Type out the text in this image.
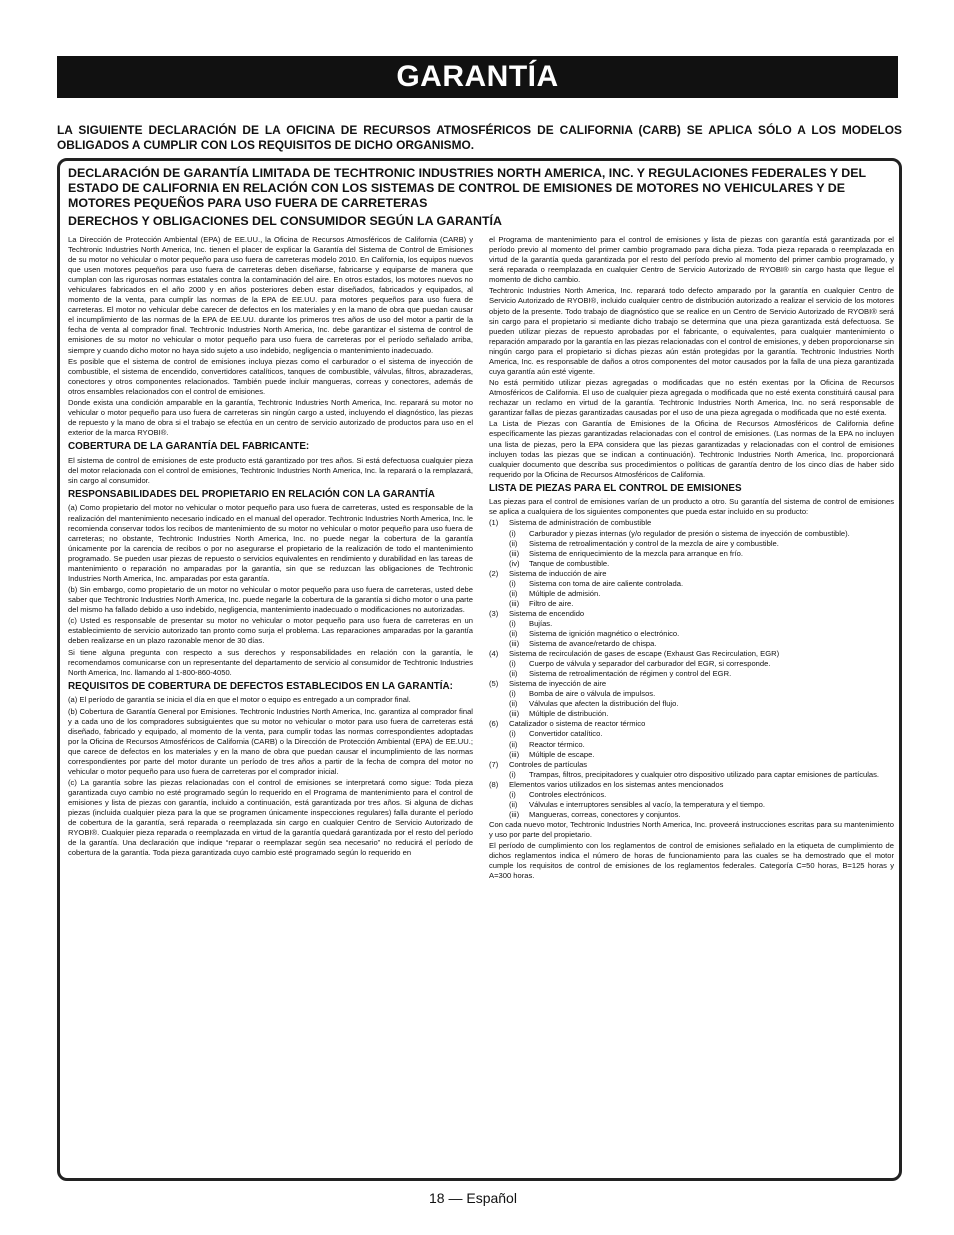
GARANTÍA
LA SIGUIENTE DECLARACIÓN DE LA OFICINA DE RECURSOS ATMOSFÉRICOS DE CALIFORNIA (CARB) SE APLICA SÓLO A LOS MODELOS OBLIGADOS A CUMPLIR CON LOS REQUISITOS DE DICHO ORGANISMO.
DECLARACIÓN DE GARANTÍA LIMITADA DE TECHTRONIC INDUSTRIES NORTH AMERICA, INC. Y REGULACIONES FEDERALES Y DEL ESTADO DE CALIFORNIA EN RELACIÓN CON LOS SISTEMAS DE CONTROL DE EMISIONES DE MOTORES NO VEHICULARES Y DE MOTORES PEQUEÑOS PARA USO FUERA DE CARRETERAS
DERECHOS Y OBLIGACIONES DEL CONSUMIDOR SEGÚN LA GARANTÍA

La Dirección de Protección Ambiental (EPA) de EE.UU., la Oficina de Recursos Atmosféricos de California (CARB) y Techtronic Industries North America, Inc. tienen el placer de explicar la Garantía del Sistema de Control de Emisiones de su motor no vehicular o motor pequeño para uso fuera de carreteras modelo 2010. En California, los equipos nuevos que usen motores pequeños para uso fuera de carreteras deben diseñarse, fabricarse y equiparse de manera que cumplan con las rigurosas normas estatales contra la contaminación del aire. En otros estados, los motores nuevos no vehiculares fabricados en el año 2000 y en años posteriores deben estar diseñados, fabricados y equipados, al momento de la venta, para cumplir las normas de la EPA de EE.UU. para motores pequeños para uso fuera de carreteras. El motor no vehicular debe carecer de defectos en los materiales y en la mano de obra que puedan causar el incumplimiento de las normas de la EPA de EE.UU. durante los primeros tres años de uso del motor a partir de la fecha de venta al comprador final. Techtronic Industries North America, Inc. debe garantizar el sistema de control de emisiones de su motor no vehicular o motor pequeño para uso fuera de carreteras por el período señalado arriba, siempre y cuando dicho motor no haya sido sujeto a uso indebido, negligencia o mantenimiento inadecuado.

Es posible que el sistema de control de emisiones incluya piezas como el carburador o el sistema de inyección de combustible, el sistema de encendido, convertidores catalíticos, tanques de combustible, válvulas, filtros, abrazaderas, conectores y otros componentes relacionados. También puede incluir mangueras, correas y conectores, además de otros ensambles relacionados con el control de emisiones.

Donde exista una condición amparable en la garantía, Techtronic Industries North America, Inc. reparará su motor no vehicular o motor pequeño para uso fuera de carreteras sin ningún cargo a usted, incluyendo el diagnóstico, las piezas de repuesto y la mano de obra si el trabajo se efectúa en un centro de servicio autorizado de productos para uso en el exterior de la marca RYOBI®.

COBERTURA DE LA GARANTÍA DEL FABRICANTE:

El sistema de control de emisiones de este producto está garantizado por tres años. Si está defectuosa cualquier pieza del motor relacionada con el control de emisiones, Techtronic Industries North America, Inc. la reparará o la remplazará, sin cargo al consumidor.

RESPONSABILIDADES DEL PROPIETARIO EN RELACIÓN CON LA GARANTÍA

(a) Como propietario del motor no vehicular o motor pequeño para uso fuera de carreteras, usted es responsable de la realización del mantenimiento necesario indicado en el manual del operador. Techtronic Industries North America, Inc. le recomienda conservar todos los recibos de mantenimiento de su motor no vehicular o motor pequeño para uso fuera de carreteras; no obstante, Techtronic Industries North America, Inc. no puede negar la cobertura de la garantía únicamente por la carencia de recibos o por no asegurarse el propietario de la realización de todo el mantenimiento programado. Se pueden usar piezas de repuesto o servicios equivalentes en rendimiento y durabilidad en las tareas de mantenimiento o reparación no amparadas por la garantía, sin que se reduzcan las obligaciones de Techtronic Industries North America, Inc. amparadas por esta garantía.

(b) Sin embargo, como propietario de un motor no vehicular o motor pequeño para uso fuera de carreteras, usted debe saber que Techtronic Industries North America, Inc. puede negarle la cobertura de la garantía si dicho motor o una parte del mismo ha fallado debido a uso indebido, negligencia, mantenimiento inadecuado o modificaciones no autorizadas.

(c) Usted es responsable de presentar su motor no vehicular o motor pequeño para uso fuera de carreteras en un establecimiento de servicio autorizado tan pronto como surja el problema. Las reparaciones amparadas por la garantía deben realizarse en un plazo razonable menor de 30 días.

Si tiene alguna pregunta con respecto a sus derechos y responsabilidades en relación con la garantía, le recomendamos comunicarse con un representante del departamento de servicio al consumidor de Techtronic Industries North America, Inc. llamando al 1-800-860-4050.

REQUISITOS DE COBERTURA DE DEFECTOS ESTABLECIDOS EN LA GARANTÍA:

(a) El período de garantía se inicia el día en que el motor o equipo es entregado a un comprador final.

(b) Cobertura de Garantía General por Emisiones. Techtronic Industries North America, Inc. garantiza al comprador final y a cada uno de los compradores subsiguientes que su motor no vehicular o motor para uso fuera de carreteras está diseñado, fabricado y equipado, al momento de la venta, para cumplir todas las normas correspondientes adoptadas por la Oficina de Recursos Atmosféricos de California (CARB) o la Dirección de Protección Ambiental (EPA) de EE.UU.; que carece de defectos en los materiales y en la mano de obra que puedan causar el incumplimiento de las normas correspondientes por parte del motor durante un período de tres años a partir de la fecha de compra del motor no vehicular o motor pequeño para uso fuera de carreteras por el comprador inicial.

(c) La garantía sobre las piezas relacionadas con el control de emisiones se interpretará como sigue: Toda pieza garantizada cuyo cambio no esté programado según lo requerido en el Programa de mantenimiento para el control de emisiones y lista de piezas con garantía, incluido a continuación, está garantizada por tres años. Si alguna de dichas piezas (incluida cualquier pieza para la que se programen únicamente inspecciones regulares) falla durante el período de cobertura de la garantía, será reparada o reemplazada sin cargo en cualquier Centro de Servicio Autorizado de RYOBI®. Cualquier pieza reparada o reemplazada en virtud de la garantía quedará garantizada por el resto del período de la garantía. Una declaración que indique “reparar o reemplazar según sea necesario” no reducirá el período de cobertura de la garantía. Toda pieza garantizada cuyo cambio esté programado según lo requerido en

el Programa de mantenimiento para el control de emisiones y lista de piezas con garantía está garantizada por el período previo al momento del primer cambio programado para dicha pieza. Toda pieza reparada o reemplazada en virtud de la garantía queda garantizada por el resto del período previo al momento del primer cambio programado, y será reparada o reemplazada en cualquier Centro de Servicio Autorizado de RYOBI® sin cargo hasta que llegue el momento de dicho cambio.

Techtronic Industries North America, Inc. reparará todo defecto amparado por la garantía en cualquier Centro de Servicio Autorizado de RYOBI®, incluido cualquier centro de distribución autorizado a realizar el servicio de los motores objeto de la presente. Todo trabajo de diagnóstico que se realice en un Centro de Servicio Autorizado de RYOBI® será sin cargo para el propietario si mediante dicho trabajo se determina que una pieza garantizada está defectuosa. Se pueden utilizar piezas de repuesto aprobadas por el fabricante, o equivalentes, para cualquier mantenimiento o reparación amparado por la garantía en las piezas relacionadas con el control de emisiones, y deben proporcionarse sin ningún cargo para el propietario si dichas piezas aún están protegidas por la garantía. Techtronic Industries North America, Inc. es responsable de daños a otros componentes del motor causados por la falla de una pieza garantizada cuya garantía aún esté vigente.

No está permitido utilizar piezas agregadas o modificadas que no estén exentas por la Oficina de Recursos Atmosféricos de California. El uso de cualquier pieza agregada o modificada que no esté exenta constituirá causal para rechazar un reclamo en virtud de la garantía. Techtronic Industries North America, Inc. no será responsable de garantizar fallas de piezas garantizadas causadas por el uso de una pieza agregada o modificada que no esté exenta.

La Lista de Piezas con Garantía de Emisiones de la Oficina de Recursos Atmosféricos de California define específicamente las piezas garantizadas relacionadas con el control de emisiones. (Las normas de la EPA no incluyen una lista de piezas, pero la EPA considera que las piezas garantizadas y relacionadas con el control de emisiones incluyen todas las piezas que se indican a continuación). Techtronic Industries North America, Inc. proporcionará cualquier documento que describa sus procedimientos o políticas de garantía dentro de los cinco días de haber sido requerido por la Oficina de Recursos Atmosféricos de California.

LISTA DE PIEZAS PARA EL CONTROL DE EMISIONES

Las piezas para el control de emisiones varían de un producto a otro. Su garantía del sistema de control de emisiones se aplica a cualquiera de los siguientes componentes que pueda estar incluido en su producto:

(1)	Sistema de administración de combustible
(i)	Carburador y piezas internas (y/o regulador de presión o sistema de inyección de combustible).
(ii)	Sistema de retroalimentación y control de la mezcla de aire y combustible.
(iii)	Sistema de enriquecimiento de la mezcla para arranque en frío.
(iv)	Tanque de combustible.
(2)	Sistema de inducción de aire
(i)	Sistema con toma de aire caliente controlada.
(ii)	Múltiple de admisión.
(iii)	Filtro de aire.
(3)	Sistema de encendido
(i)	Bujías.
(ii)	Sistema de ignición magnético o electrónico.
(iii)	Sistema de avance/retardo de chispa.
(4)	Sistema de recirculación de gases de escape (Exhaust Gas Recirculation, EGR)
(i)	Cuerpo de válvula y separador del carburador del EGR, si corresponde.
(ii)	Sistema de retroalimentación de régimen y control del EGR.
(5)	Sistema de inyección de aire
(i)	Bomba de aire o válvula de impulsos.
(ii)	Válvulas que afecten la distribución del flujo.
(iii)	Múltiple de distribución.
(6)	Catalizador o sistema de reactor térmico
(i)	Convertidor catalítico.
(ii)	Reactor térmico.
(iii)	Múltiple de escape.
(7)	Controles de partículas
(i)	Trampas, filtros, precipitadores y cualquier otro dispositivo utilizado para captar emisiones de partículas.
(8)	Elementos varios utilizados en los sistemas antes mencionados
(i)	Controles electrónicos.
(ii)	Válvulas e interruptores sensibles al vacío, la temperatura y el tiempo.
(iii)	Mangueras, correas, conectores y conjuntos.

Con cada nuevo motor, Techtronic Industries North America, Inc. proveerá instrucciones escritas para su mantenimiento y uso por parte del propietario.

El período de cumplimiento con los reglamentos de control de emisiones señalado en la etiqueta de cumplimiento de dichos reglamentos indica el número de horas de funcionamiento para las cuales se ha demostrado que el motor cumple los requisitos de control de emisiones de los reglamentos federales. Categoría C=50 horas, B=125 horas y A=300 horas.

18 — Español
